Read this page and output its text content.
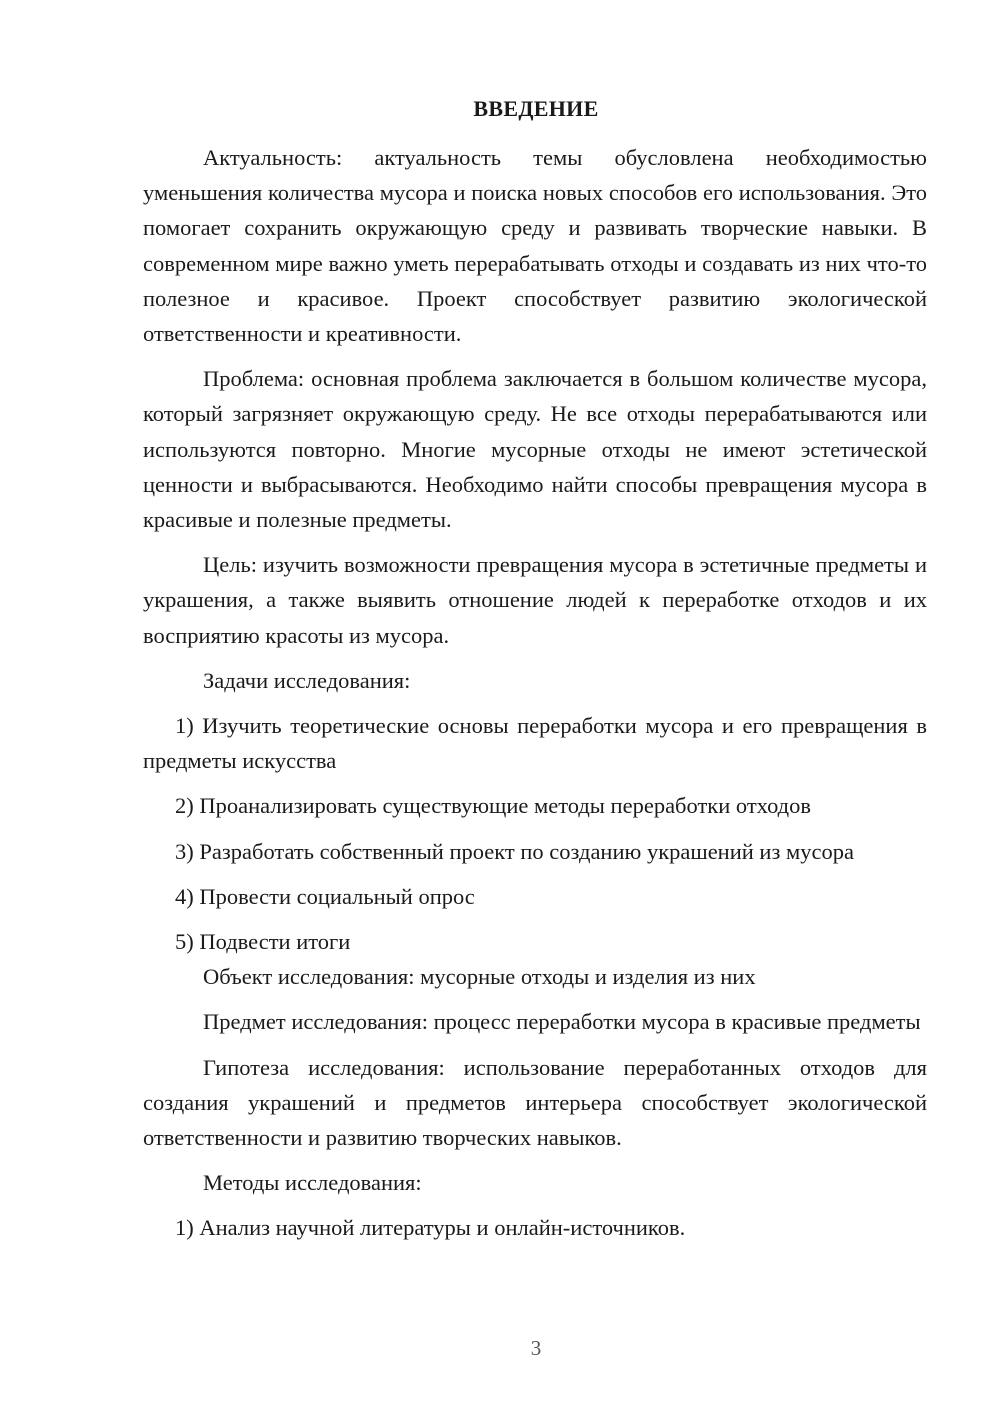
ВВЕДЕНИЕ

Актуальность: актуальность темы обусловлена необходимостью уменьшения количества мусора и поиска новых способов его использования. Это помогает сохранить окружающую среду и развивать творческие навыки. В современном мире важно уметь перерабатывать отходы и создавать из них что-то полезное и красивое. Проект способствует развитию экологической ответственности и креативности.

Проблема: основная проблема заключается в большом количестве мусора, который загрязняет окружающую среду. Не все отходы перерабатываются или используются повторно. Многие мусорные отходы не имеют эстетической ценности и выбрасываются. Необходимо найти способы превращения мусора в красивые и полезные предметы.

Цель: изучить возможности превращения мусора в эстетичные предметы и украшения, а также выявить отношение людей к переработке отходов и их восприятию красоты из мусора.

Задачи исследования:

1) Изучить теоретические основы переработки мусора и его превращения в предметы искусства

2) Проанализировать существующие методы переработки отходов

3) Разработать собственный проект по созданию украшений из мусора

4) Провести социальный опрос

5) Подвести итоги

Объект исследования: мусорные отходы и изделия из них

Предмет исследования: процесс переработки мусора в красивые предметы

Гипотеза исследования: использование переработанных отходов для создания украшений и предметов интерьера способствует экологической ответственности и развитию творческих навыков.

Методы исследования:

1) Анализ научной литературы и онлайн-источников.

3
